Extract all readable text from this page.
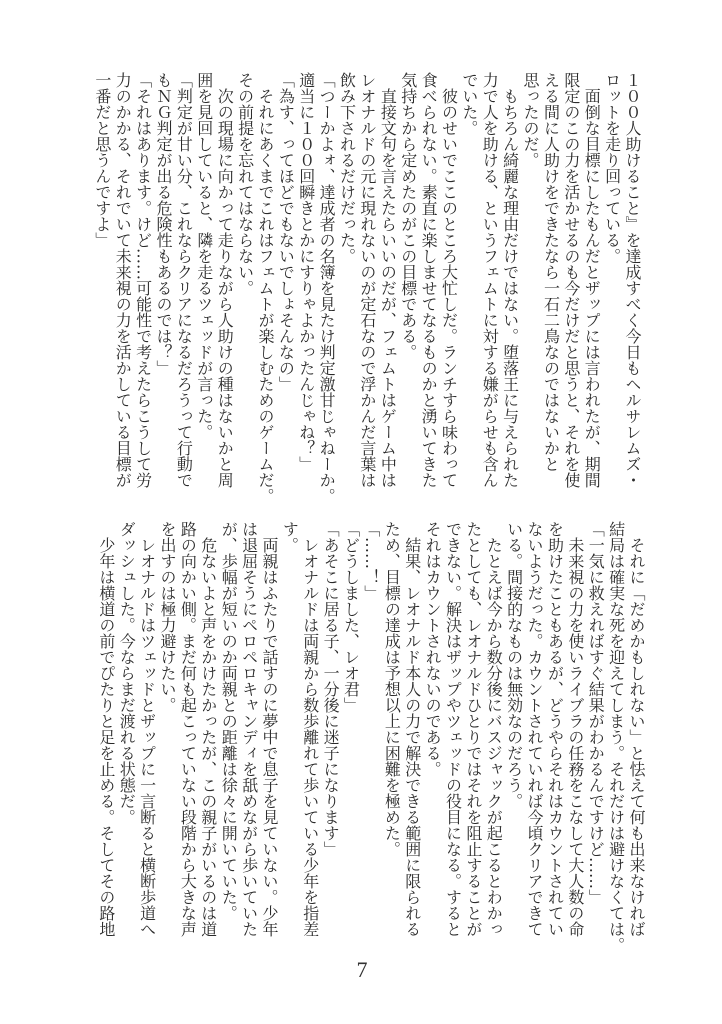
１００人助けること』を達成すべく今日もヘルサレムズ・
ロットを走り回っている。
　面倒な目標にしたもんだとザップには言われたが、期間
限定のこの力を活かせるのも今だけだと思うと、それを使
える間に人助けをできたなら一石二鳥なのではないかと
思ったのだ。
　もちろん綺麗な理由だけではない。堕落王に与えられた
力で人を助ける、というフェムトに対する嫌がらせも含ん
でいた。
　彼のせいでここのところ大忙しだ。ランチすら味わって
食べられない。素直に楽しませてなるものかと湧いてきた
気持ちから定めたのがこの目標である。
　直接文句を言えたらいいのだが、フェムトはゲーム中は
レオナルドの元に現れないのが定石なので浮かんだ言葉は
飲み下されるだけだった。
「つーかよォ、達成者の名簿を見たけ判定激甘じゃねーか。
適当に１００回瞬きとかにすりゃよかったんじゃね？」
「為す、ってほどでもないでしょそんなの」
　それにあくまでこれはフェムトが楽しむためのゲームだ。
その前提を忘れてはならない。
　次の現場に向かって走りながら人助けの種はないかと周
囲を見回していると、隣を走るツェッドが言った。
「判定が甘い分、これならクリアになるだろうって行動で
もＮＧ判定が出る危険性もあるのでは？」
「それはあります。けど……可能性で考えたらこうして労
力のかかる、それでいて未来視の力を活かしている目標が
一番だと思うんですよ」
　それに「だめかもしれない」と怯えて何も出来なければ
結局は確実な死を迎えてしまう。それだけは避けなくては。
「一気に救えればすぐ結果がわかるんですけど……」
　未来視の力を使いライブラの任務をこなして大人数の命
を助けたこともあるが、どうやらそれはカウントされてい
ないようだった。カウントされていれば今頃クリアできて
いる。間接的なものは無効なのだろう。
　たとえば今から数分後にバスジャックが起こるとわかっ
たとしても、レオナルドひとりではそれを阻止することが
できない。解決はザップやツェッドの役目になる。すると
それはカウントされないのである。
　結果、レオナルド本人の力で解決できる範囲に限られる
ため、目標の達成は予想以上に困難を極めた。
「……！」
「どうしました、レオ君」
「あそこに居る子、一分後に迷子になります」
　レオナルドは両親から数歩離れて歩いている少年を指差
す。
　両親はふたりで話すのに夢中で息子を見ていない。少年
は退屈そうにペロペロキャンディを舐めながら歩いていた
が、歩幅が短いのか両親との距離は徐々に開いていた。
　危ないよと声をかけたかったが、この親子がいるのは道
路の向かい側。まだ何も起こっていない段階から大きな声
を出すのは極力避けたい。
　レオナルドはツェッドとザップに一言断ると横断歩道へ
ダッシュした。今ならまだ渡れる状態だ。
　少年は横道の前でぴたりと足を止める。そしてその路地
7
